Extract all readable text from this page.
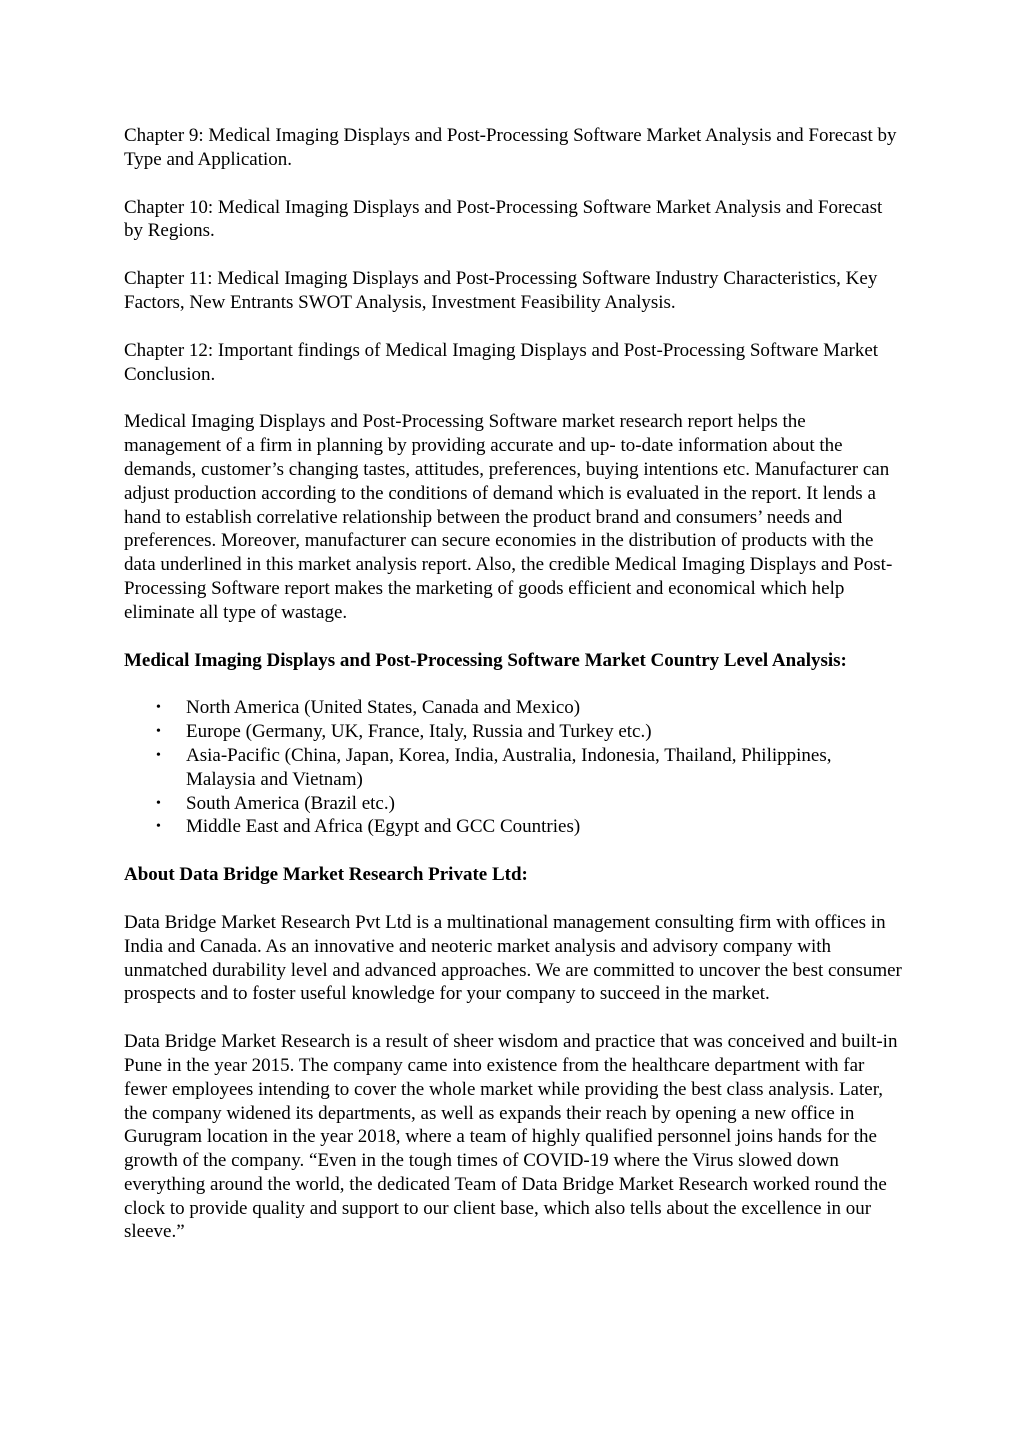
Chapter 9: Medical Imaging Displays and Post-Processing Software Market Analysis and Forecast by Type and Application.

Chapter 10: Medical Imaging Displays and Post-Processing Software Market Analysis and Forecast by Regions.

Chapter 11: Medical Imaging Displays and Post-Processing Software Industry Characteristics, Key Factors, New Entrants SWOT Analysis, Investment Feasibility Analysis.

Chapter 12: Important findings of Medical Imaging Displays and Post-Processing Software Market Conclusion.

Medical Imaging Displays and Post-Processing Software market research report helps the management of a firm in planning by providing accurate and up- to-date information about the demands, customer’s changing tastes, attitudes, preferences, buying intentions etc. Manufacturer can adjust production according to the conditions of demand which is evaluated in the report. It lends a hand to establish correlative relationship between the product brand and consumers’ needs and preferences. Moreover, manufacturer can secure economies in the distribution of products with the data underlined in this market analysis report. Also, the credible Medical Imaging Displays and Post-Processing Software report makes the marketing of goods efficient and economical which help eliminate all type of wastage.

Medical Imaging Displays and Post-Processing Software Market Country Level Analysis:

• North America (United States, Canada and Mexico)
• Europe (Germany, UK, France, Italy, Russia and Turkey etc.)
• Asia-Pacific (China, Japan, Korea, India, Australia, Indonesia, Thailand, Philippines, Malaysia and Vietnam)
• South America (Brazil etc.)
• Middle East and Africa (Egypt and GCC Countries)

About Data Bridge Market Research Private Ltd:

Data Bridge Market Research Pvt Ltd is a multinational management consulting firm with offices in India and Canada. As an innovative and neoteric market analysis and advisory company with unmatched durability level and advanced approaches. We are committed to uncover the best consumer prospects and to foster useful knowledge for your company to succeed in the market.

Data Bridge Market Research is a result of sheer wisdom and practice that was conceived and built-in Pune in the year 2015. The company came into existence from the healthcare department with far fewer employees intending to cover the whole market while providing the best class analysis. Later, the company widened its departments, as well as expands their reach by opening a new office in Gurugram location in the year 2018, where a team of highly qualified personnel joins hands for the growth of the company. “Even in the tough times of COVID-19 where the Virus slowed down everything around the world, the dedicated Team of Data Bridge Market Research worked round the clock to provide quality and support to our client base, which also tells about the excellence in our sleeve.”
